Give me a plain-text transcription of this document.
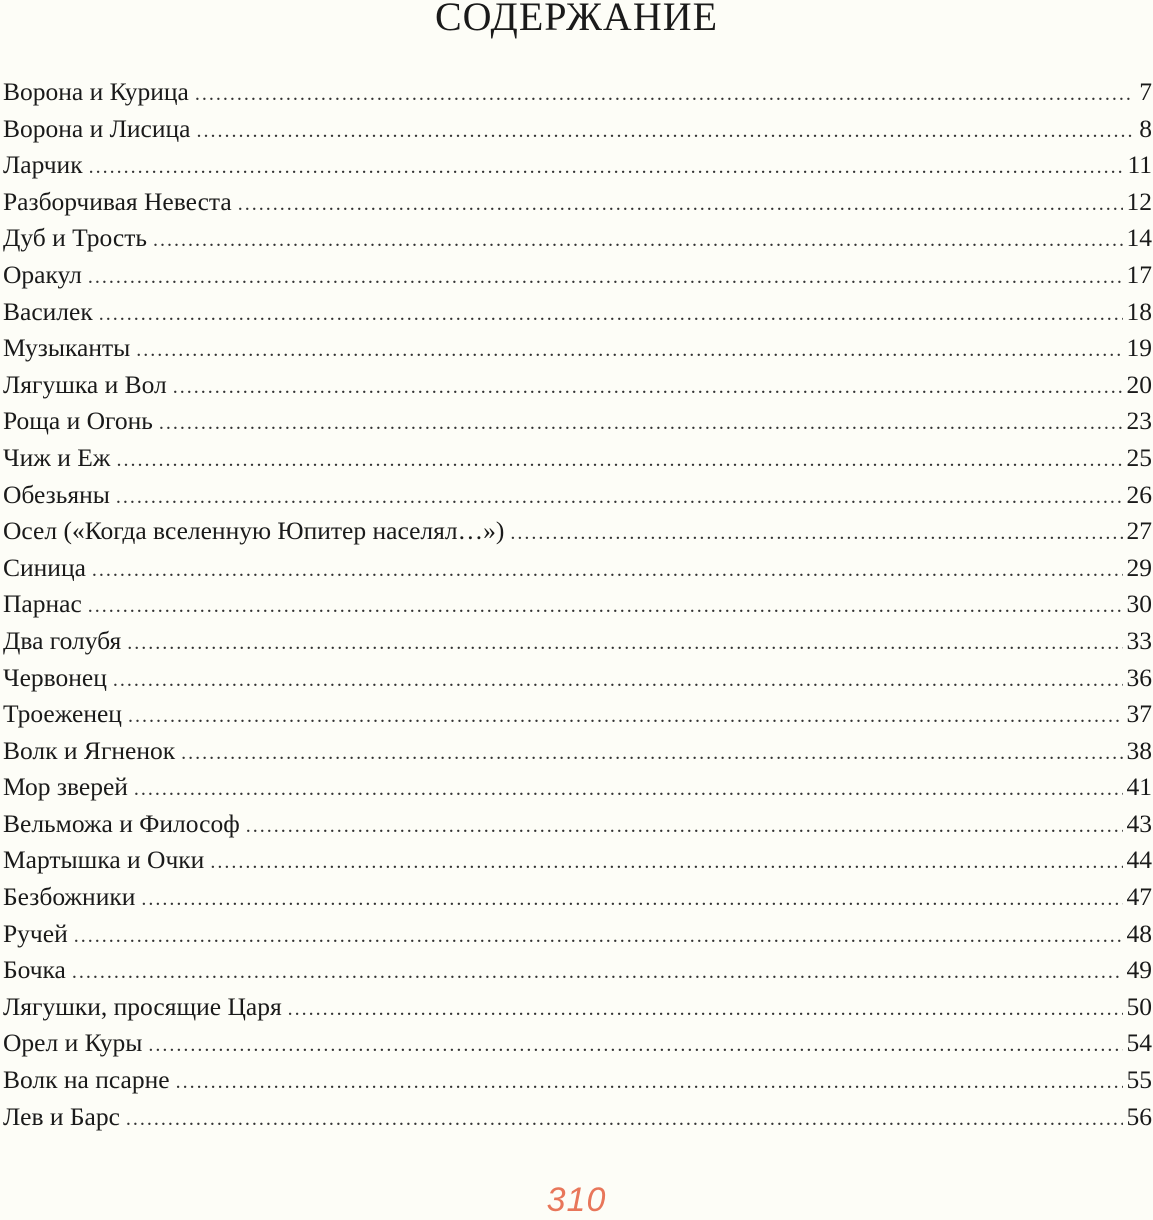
СОДЕРЖАНИЕ
Ворона и Курица .....	7
Ворона и Лисица .....	8
Ларчик .....	11
Разборчивая Невеста .....	12
Дуб и Трость .....	14
Оракул .....	17
Василек .....	18
Музыканты .....	19
Лягушка и Вол .....	20
Роща и Огонь .....	23
Чиж и Еж .....	25
Обезьяны .....	26
Осел («Когда вселенную Юпитер населял…») .....	27
Синица .....	29
Парнас .....	30
Два голубя .....	33
Червонец .....	36
Троеженец .....	37
Волк и Ягненок .....	38
Мор зверей .....	41
Вельможа и Философ .....	43
Мартышка и Очки .....	44
Безбожники .....	47
Ручей .....	48
Бочка .....	49
Лягушки, просящие Царя .....	50
Орел и Куры .....	54
Волк на псарне .....	55
Лев и Барс .....	56
310
